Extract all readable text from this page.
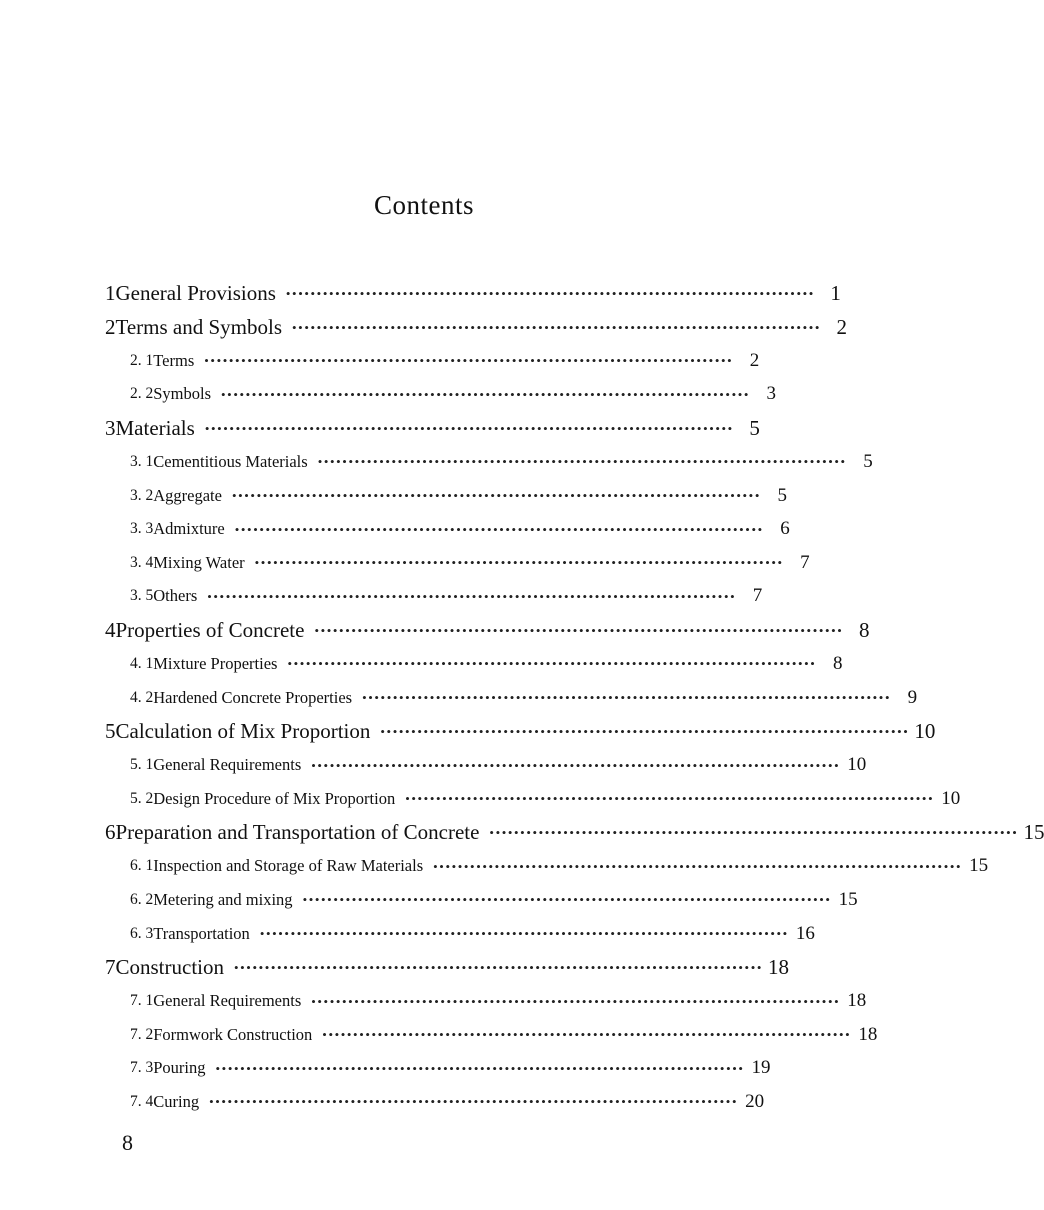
Contents
1 General Provisions •••••••••••••••••••••••••••••••••••••••••••••••••••••••••••••••••••••••••••••••••••••• 1
2 Terms and Symbols •••••••••••••••••••••••••••••••••••••••••••••••••••••••••••••••••••••••••••••••••••••• 2
2. 1 Terms •••••••••••••••••••••••••••••••••••••••••••••••••••••••••••••••••••••••••••••••••••••• 2
2. 2 Symbols •••••••••••••••••••••••••••••••••••••••••••••••••••••••••••••••••••••••••••••••••••••• 3
3 Materials •••••••••••••••••••••••••••••••••••••••••••••••••••••••••••••••••••••••••••••••••••••• 5
3. 1 Cementitious Materials •••••••••••••••••••••••••••••••••••••••••••••••••••••••••••••••••••••••••••••••••••••• 5
3. 2 Aggregate •••••••••••••••••••••••••••••••••••••••••••••••••••••••••••••••••••••••••••••••••••••• 5
3. 3 Admixture •••••••••••••••••••••••••••••••••••••••••••••••••••••••••••••••••••••••••••••••••••••• 6
3. 4 Mixing Water •••••••••••••••••••••••••••••••••••••••••••••••••••••••••••••••••••••••••••••••••••••• 7
3. 5 Others •••••••••••••••••••••••••••••••••••••••••••••••••••••••••••••••••••••••••••••••••••••• 7
4 Properties of Concrete •••••••••••••••••••••••••••••••••••••••••••••••••••••••••••••••••••••••••••••••••••••• 8
4. 1 Mixture Properties •••••••••••••••••••••••••••••••••••••••••••••••••••••••••••••••••••••••••••••••••••••• 8
4. 2 Hardened Concrete Properties •••••••••••••••••••••••••••••••••••••••••••••••••••••••••••••••••••••••••••••••••••••• 9
5 Calculation of Mix Proportion •••••••••••••••••••••••••••••••••••••••••••••••••••••••••••••••••••••••••••••••••••••• 10
5. 1 General Requirements •••••••••••••••••••••••••••••••••••••••••••••••••••••••••••••••••••••••••••••••••••••• 10
5. 2 Design Procedure of Mix Proportion •••••••••••••••••••••••••••••••••••••••••••••••••••••••••••••••••••••••••••••••••••••• 10
6 Preparation and Transportation of Concrete •••••••••••••••••••••••••••••••••••••••••••••••••••••••••••••••••••••••••••••••••••••• 15
6. 1 Inspection and Storage of Raw Materials •••••••••••••••••••••••••••••••••••••••••••••••••••••••••••••••••••••••••••••••••••••• 15
6. 2 Metering and mixing •••••••••••••••••••••••••••••••••••••••••••••••••••••••••••••••••••••••••••••••••••••• 15
6. 3 Transportation •••••••••••••••••••••••••••••••••••••••••••••••••••••••••••••••••••••••••••••••••••••• 16
7 Construction •••••••••••••••••••••••••••••••••••••••••••••••••••••••••••••••••••••••••••••••••••••• 18
7. 1 General Requirements •••••••••••••••••••••••••••••••••••••••••••••••••••••••••••••••••••••••••••••••••••••• 18
7. 2 Formwork Construction •••••••••••••••••••••••••••••••••••••••••••••••••••••••••••••••••••••••••••••••••••••• 18
7. 3 Pouring •••••••••••••••••••••••••••••••••••••••••••••••••••••••••••••••••••••••••••••••••••••• 19
7. 4 Curing •••••••••••••••••••••••••••••••••••••••••••••••••••••••••••••••••••••••••••••••••••••• 20
8
